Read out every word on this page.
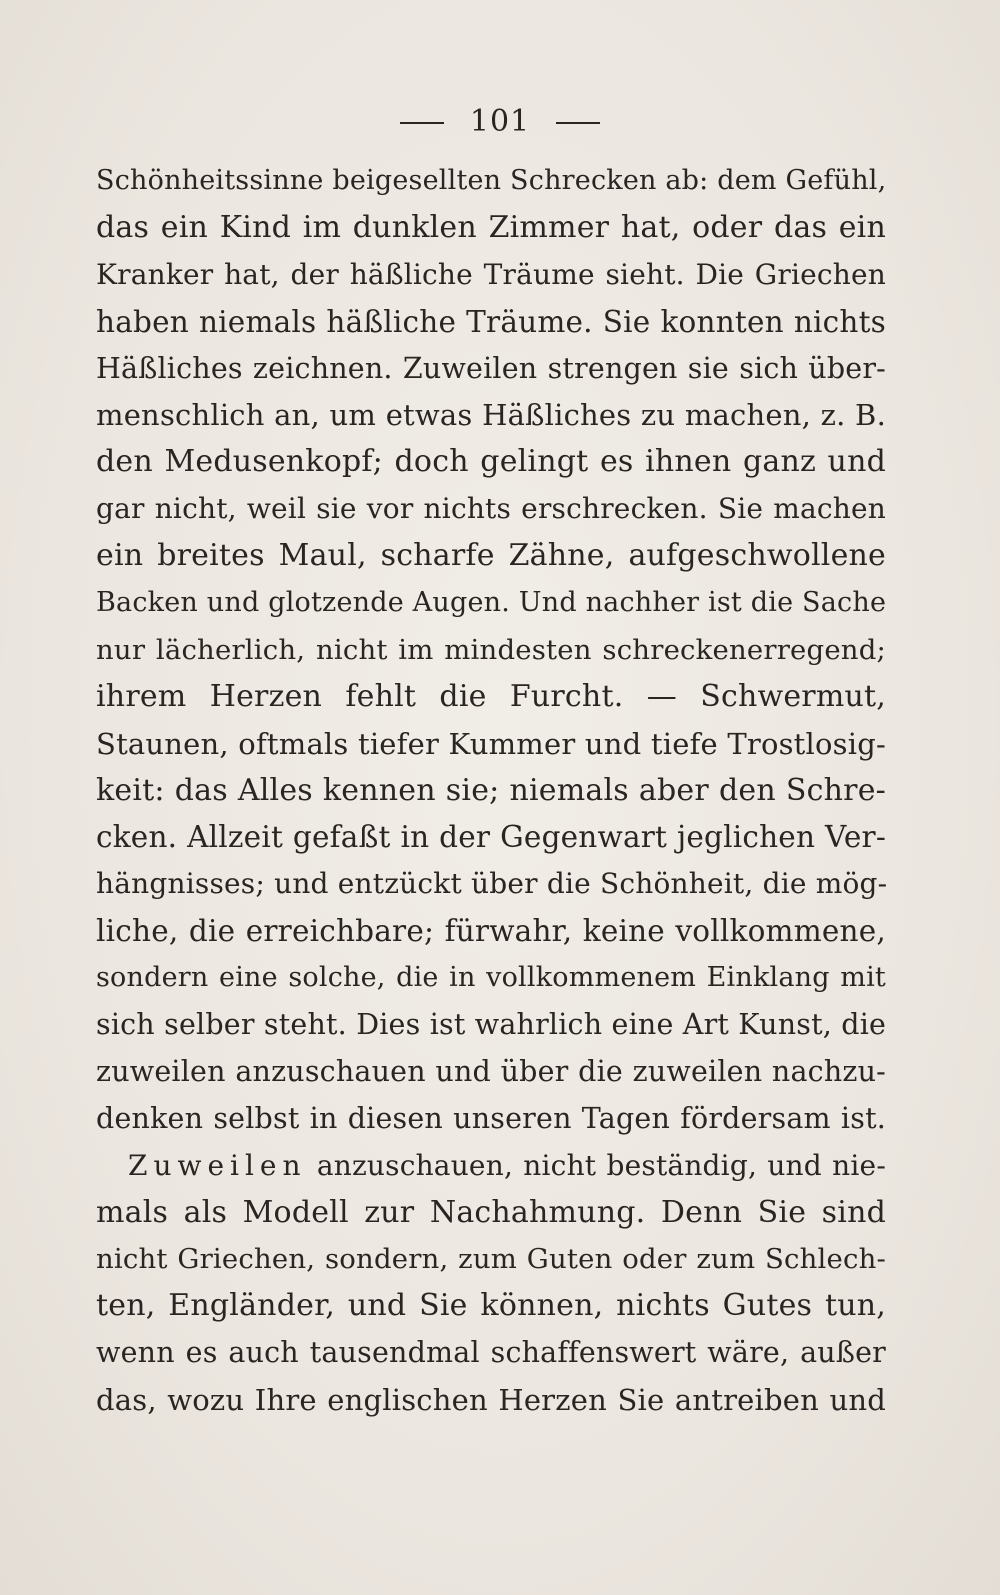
101
Schönheitssinne beigesellten Schrecken ab: dem Gefühl,
das ein Kind im dunklen Zimmer hat, oder das ein
Kranker hat, der häßliche Träume sieht. Die Griechen
haben niemals häßliche Träume. Sie konnten nichts
Häßliches zeichnen. Zuweilen strengen sie sich über-
menschlich an, um etwas Häßliches zu machen, z. B.
den Medusenkopf; doch gelingt es ihnen ganz und
gar nicht, weil sie vor nichts erschrecken. Sie machen
ein breites Maul, scharfe Zähne, aufgeschwollene
Backen und glotzende Augen. Und nachher ist die Sache
nur lächerlich, nicht im mindesten schreckenerregend;
ihrem Herzen fehlt die Furcht. — Schwermut,
Staunen, oftmals tiefer Kummer und tiefe Trostlosig-
keit: das Alles kennen sie; niemals aber den Schre-
cken. Allzeit gefaßt in der Gegenwart jeglichen Ver-
hängnisses; und entzückt über die Schönheit, die mög-
liche, die erreichbare; fürwahr, keine vollkommene,
sondern eine solche, die in vollkommenem Einklang mit
sich selber steht. Dies ist wahrlich eine Art Kunst, die
zuweilen anzuschauen und über die zuweilen nachzu-
denken selbst in diesen unseren Tagen fördersam ist.
Zuweilen anzuschauen, nicht beständig, und nie-
mals als Modell zur Nachahmung. Denn Sie sind
nicht Griechen, sondern, zum Guten oder zum Schlech-
ten, Engländer, und Sie können, nichts Gutes tun,
wenn es auch tausendmal schaffenswert wäre, außer
das, wozu Ihre englischen Herzen Sie antreiben und
